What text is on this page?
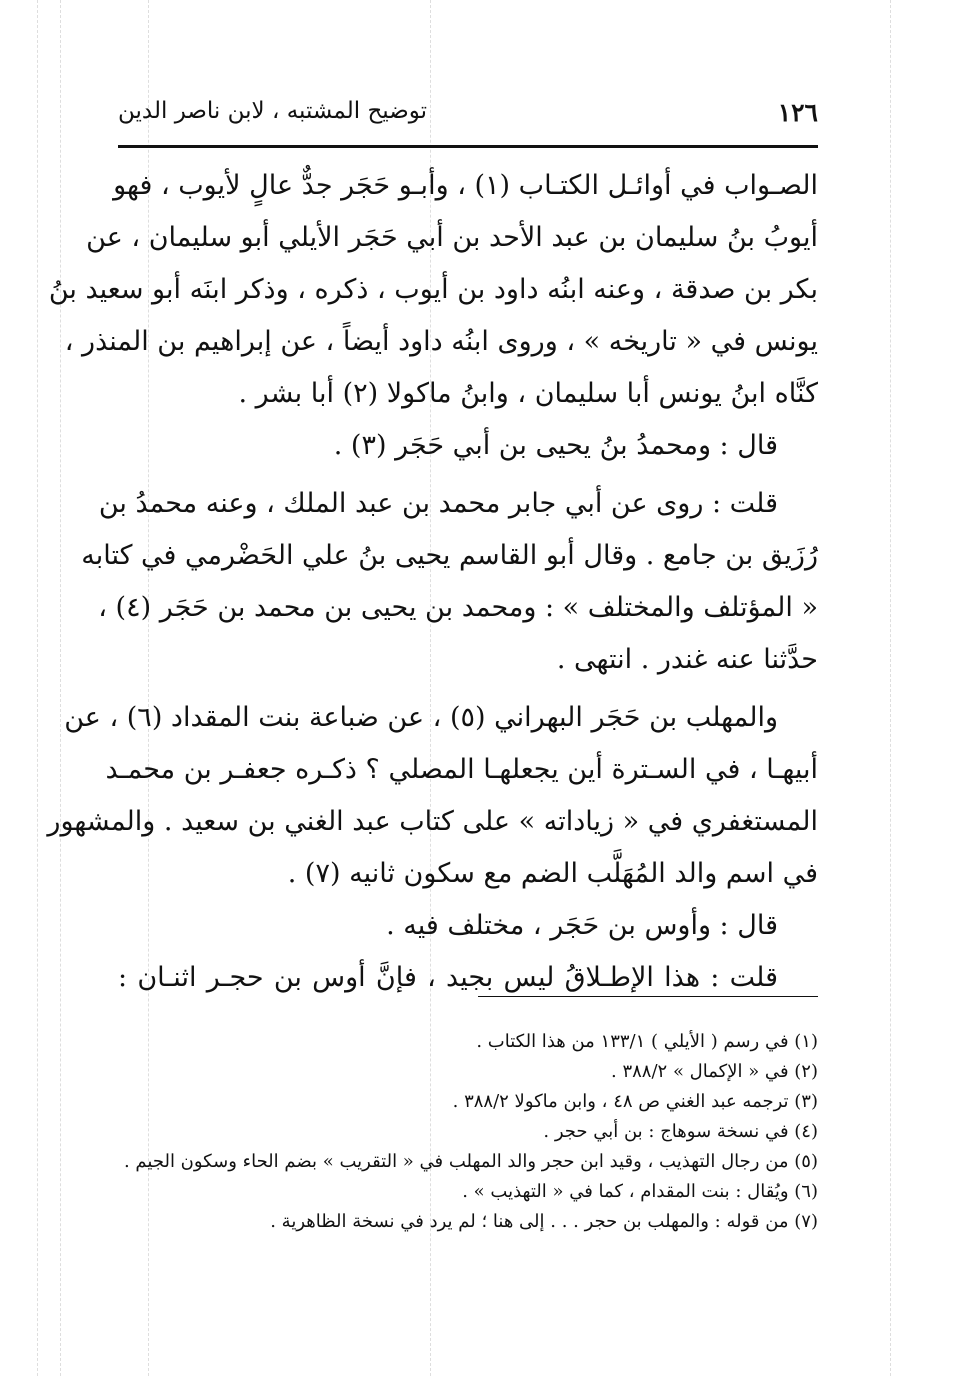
١٢٦
توضيح المشتبه ، لابن ناصر الدين
الصـواب في أوائـل الكتـاب (١) ، وأبـو حَجَر جدٌّ عالٍ لأيوب ، فهو
أيوبُ بنُ سليمان بن عبد الأحد بن أبي حَجَر الأيلي أبو سليمان ، عن
بكر بن صدقة ، وعنه ابنُه داود بن أيوب ، ذكره ، وذكر ابنَه أبو سعيد بنُ
يونس في « تاريخه » ، وروى ابنُه داود أيضاً ، عن إبراهيم بن المنذر ،
كنَّاه ابنُ يونس أبا سليمان ، وابنُ ماكولا (٢) أبا بشر .
قال : ومحمدُ بنُ يحيى بن أبي حَجَر (٣) .
قلت : روى عن أبي جابر محمد بن عبد الملك ، وعنه محمدُ بن
رُزَيق بن جامع . وقال أبو القاسم يحيى بنُ علي الحَضْرمي في كتابه
« المؤتلف والمختلف » : ومحمد بن يحيى بن محمد بن حَجَر (٤) ،
حدَّثنا عنه غندر . انتهى .
والمهلب بن حَجَر البهراني (٥) ، عن ضباعة بنت المقداد (٦) ، عن
أبيهـا ، في السـترة أين يجعلهـا المصلي ؟ ذكـره جعفـر بن محمـد
المستغفري في « زياداته » على كتاب عبد الغني بن سعيد . والمشهور
في اسم والد المُهَلَّب الضم مع سكون ثانيه (٧) .
قال : وأوس بن حَجَر ، مختلف فيه .
قلت : هذا الإطـلاقُ ليس بجيد ، فإنَّ أوس بن حجـر اثنـان :
(١) في رسم ( الأيلي ) ١٣٣/١ من هذا الكتاب .
(٢) في « الإكمال » ٣٨٨/٢ .
(٣) ترجمه عبد الغني ص ٤٨ ، وابن ماكولا ٣٨٨/٢ .
(٤) في نسخة سوهاج : بن أبي حجر .
(٥) من رجال التهذيب ، وقيد ابن حجر والد المهلب في « التقريب » بضم الحاء وسكون الجيم .
(٦) ويُقال : بنت المقدام ، كما في « التهذيب » .
(٧) من قوله : والمهلب بن حجر . . . إلى هنا ؛ لم يرد في نسخة الظاهرية .
